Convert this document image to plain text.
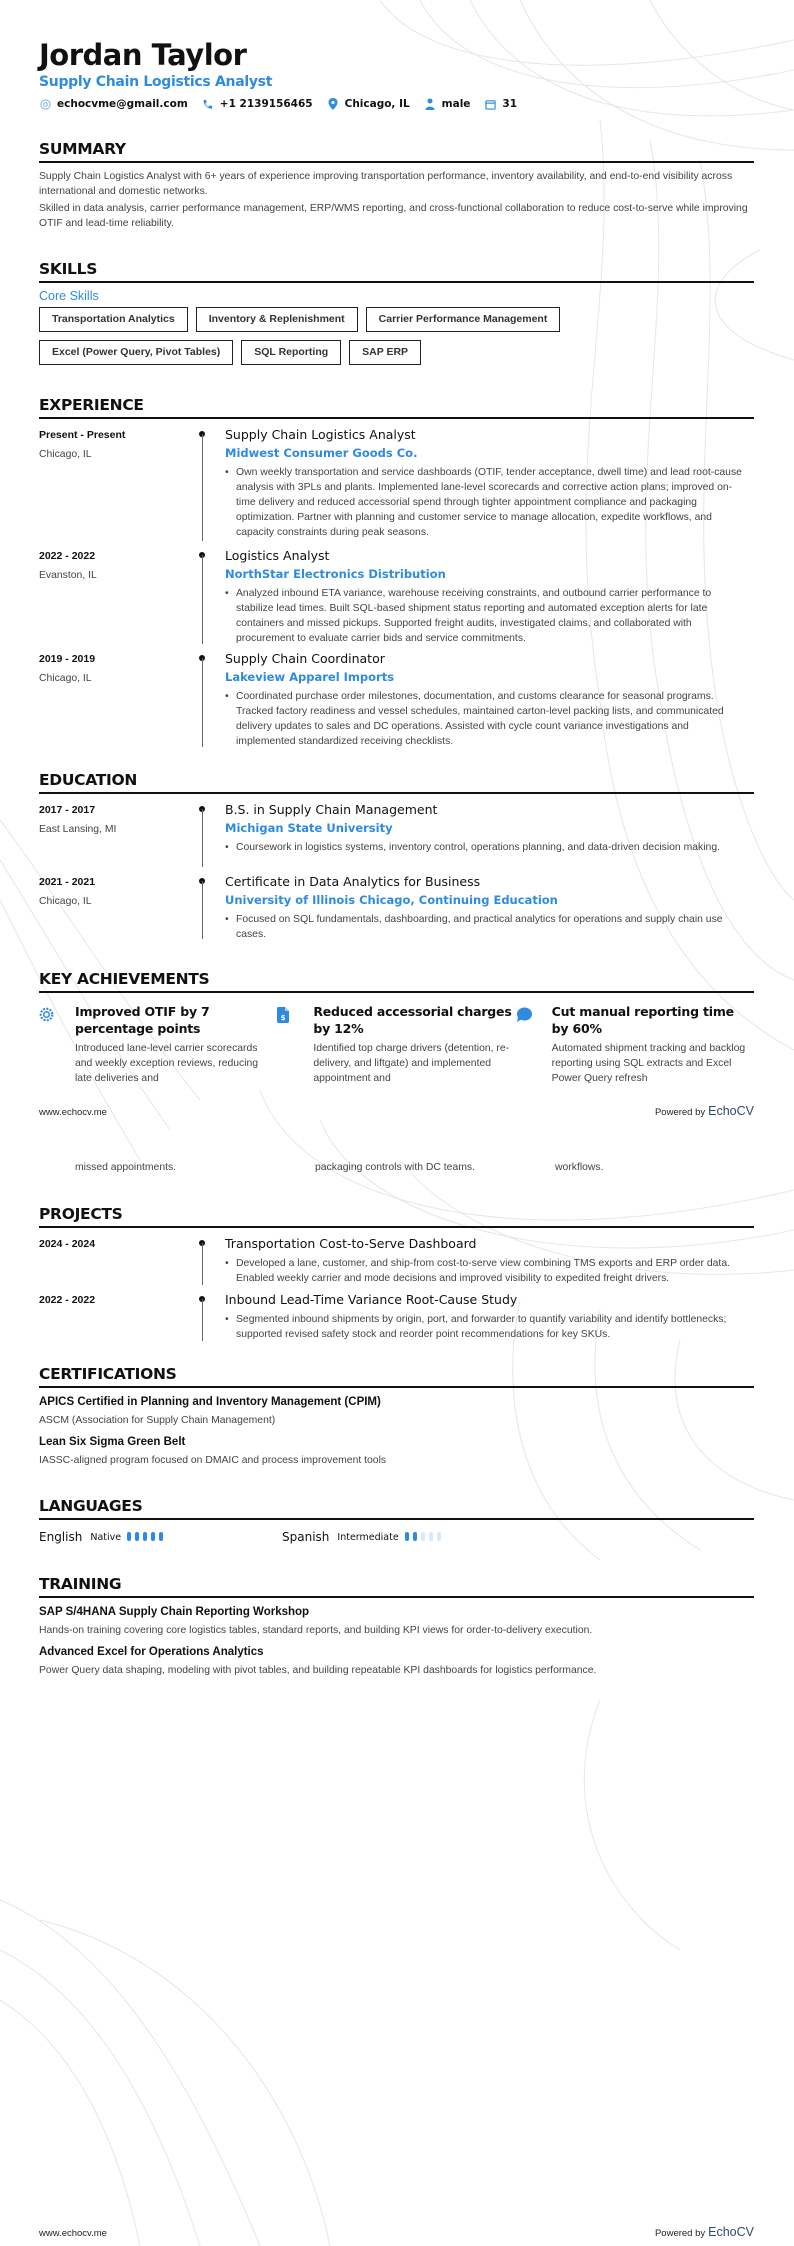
Jordan Taylor
Supply Chain Logistics Analyst
echocvme@gmail.com	+1 2139156465	Chicago, IL	male	31
SUMMARY
Supply Chain Logistics Analyst with 6+ years of experience improving transportation performance, inventory availability, and end-to-end visibility across international and domestic networks.
Skilled in data analysis, carrier performance management, ERP/WMS reporting, and cross-functional collaboration to reduce cost-to-serve while improving OTIF and lead-time reliability.
SKILLS
Core Skills
Transportation Analytics	Inventory & Replenishment	Carrier Performance Management
Excel (Power Query, Pivot Tables)	SQL Reporting	SAP ERP
EXPERIENCE
Present - Present
Chicago, IL
Supply Chain Logistics Analyst
Midwest Consumer Goods Co.
• Own weekly transportation and service dashboards (OTIF, tender acceptance, dwell time) and lead root-cause analysis with 3PLs and plants. Implemented lane-level scorecards and corrective action plans; improved on-time delivery and reduced accessorial spend through tighter appointment compliance and packaging optimization. Partner with planning and customer service to manage allocation, expedite workflows, and capacity constraints during peak seasons.
2022 - 2022
Evanston, IL
Logistics Analyst
NorthStar Electronics Distribution
• Analyzed inbound ETA variance, warehouse receiving constraints, and outbound carrier performance to stabilize lead times. Built SQL-based shipment status reporting and automated exception alerts for late containers and missed pickups. Supported freight audits, investigated claims, and collaborated with procurement to evaluate carrier bids and service commitments.
2019 - 2019
Chicago, IL
Supply Chain Coordinator
Lakeview Apparel Imports
• Coordinated purchase order milestones, documentation, and customs clearance for seasonal programs. Tracked factory readiness and vessel schedules, maintained carton-level packing lists, and communicated delivery updates to sales and DC operations. Assisted with cycle count variance investigations and implemented standardized receiving checklists.
EDUCATION
2017 - 2017
East Lansing, MI
B.S. in Supply Chain Management
Michigan State University
• Coursework in logistics systems, inventory control, operations planning, and data-driven decision making.
2021 - 2021
Chicago, IL
Certificate in Data Analytics for Business
University of Illinois Chicago, Continuing Education
• Focused on SQL fundamentals, dashboarding, and practical analytics for operations and supply chain use cases.
KEY ACHIEVEMENTS
Improved OTIF by 7 percentage points
Introduced lane-level carrier scorecards and weekly exception reviews, reducing late deliveries and
$ Reduced accessorial charges by 12%
Identified top charge drivers (detention, re-delivery, and liftgate) and implemented appointment and
Cut manual reporting time by 60%
Automated shipment tracking and backlog reporting using SQL extracts and Excel Power Query refresh
www.echocv.me	Powered by EchoCV
missed appointments.	packaging controls with DC teams.	workflows.
PROJECTS
2024 - 2024	Transportation Cost-to-Serve Dashboard
• Developed a lane, customer, and ship-from cost-to-serve view combining TMS exports and ERP order data. Enabled weekly carrier and mode decisions and improved visibility to expedited freight drivers.
2022 - 2022	Inbound Lead-Time Variance Root-Cause Study
• Segmented inbound shipments by origin, port, and forwarder to quantify variability and identify bottlenecks; supported revised safety stock and reorder point recommendations for key SKUs.
CERTIFICATIONS
APICS Certified in Planning and Inventory Management (CPIM)
ASCM (Association for Supply Chain Management)
Lean Six Sigma Green Belt
IASSC-aligned program focused on DMAIC and process improvement tools
LANGUAGES
English Native	Spanish Intermediate
TRAINING
SAP S/4HANA Supply Chain Reporting Workshop
Hands-on training covering core logistics tables, standard reports, and building KPI views for order-to-delivery execution.
Advanced Excel for Operations Analytics
Power Query data shaping, modeling with pivot tables, and building repeatable KPI dashboards for logistics performance.
www.echocv.me	Powered by EchoCV
